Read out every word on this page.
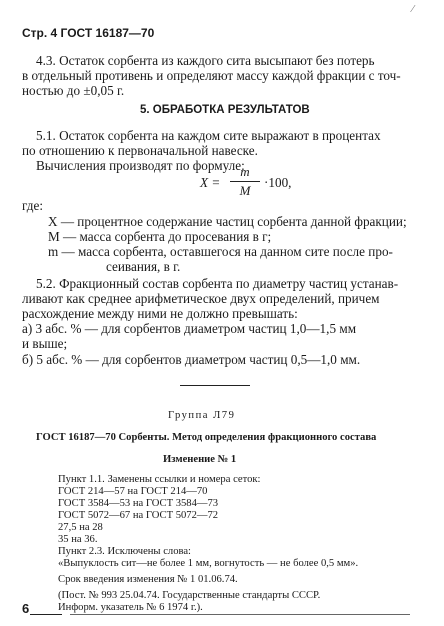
Стр. 4 ГОСТ 16187—70
⁄
4.3. Остаток сорбента из каждого сита высыпают без потерь
в отдельный противень и определяют массу каждой фракции с точ-
ностью до ±0,05 г.
5. ОБРАБОТКА РЕЗУЛЬТАТОВ
5.1. Остаток сорбента на каждом сите выражают в процентах
по отношению к первоначальной навеске.
Вычисления производят по формуле:
X =
m
M
·100,
где:
X — процентное содержание частиц сорбента данной фракции;
M — масса сорбента до просевания в г;
m — масса сорбента, оставшегося на данном сите после про-
сеивания, в г.
5.2. Фракционный состав сорбента по диаметру частиц устанав-
ливают как среднее арифметическое двух определений, причем
расхождение между ними не должно превышать:
а) 3 абс. % — для сорбентов диаметром частиц 1,0—1,5 мм
и выше;
б) 5 абс. % — для сорбентов диаметром частиц 0,5—1,0 мм.
Группа Л79
ГОСТ 16187—70 Сорбенты. Метод определения фракционного состава
Изменение № 1
Пункт 1.1. Заменены ссылки и номера сеток:
ГОСТ 214—57 на ГОСТ 214—70
ГОСТ 3584—53 на ГОСТ 3584—73
ГОСТ 5072—67 на ГОСТ 5072—72
27,5 на 28
35 на 36.
Пункт 2.3. Исключены слова:
«Выпуклость сит—не более 1 мм, вогнутость — не более 0,5 мм».
Срок введения изменения № 1 01.06.74.
(Пост. № 993 25.04.74. Государственные стандарты СССР.
Информ. указатель № 6 1974 г.).
6
